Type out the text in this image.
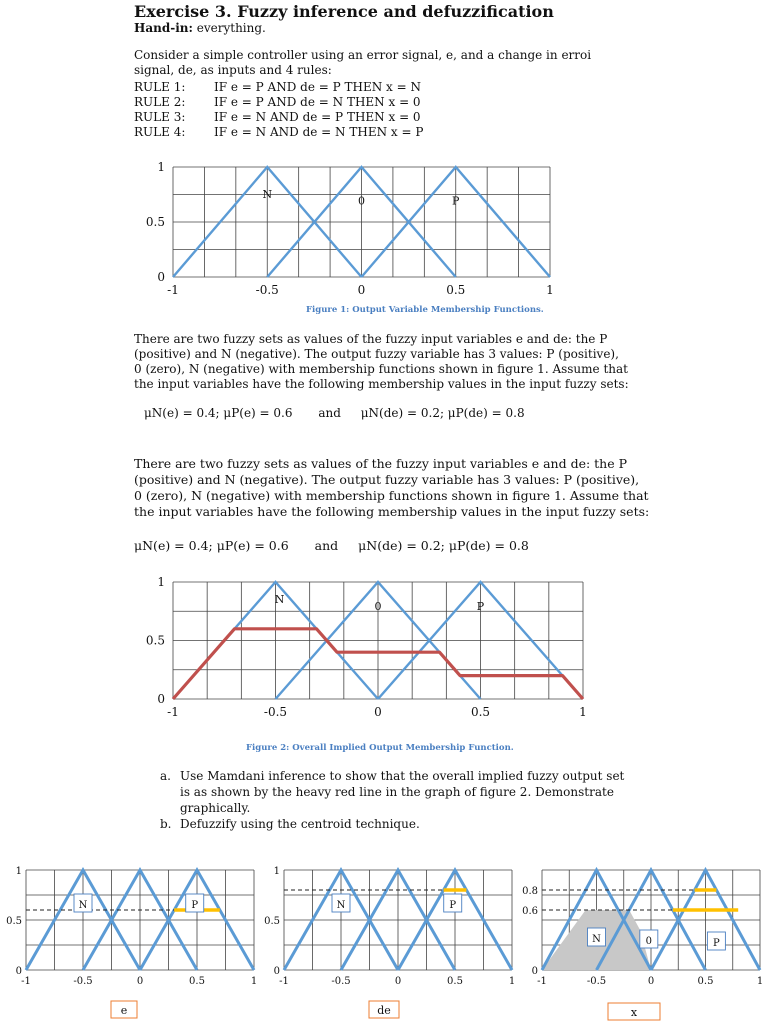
Exercise 3. Fuzzy inference and defuzzification
Hand-in: everything.
Consider a simple controller using an error signal, e, and a change in erroi
signal, de, as inputs and 4 rules:
RULE 1: IF e = P AND de = P THEN x = N
RULE 2: IF e = P AND de = N THEN x = 0
RULE 3: IF e = N AND de = P THEN x = 0
RULE 4: IF e = N AND de = N THEN x = P
N
0	P
1
0.5
0
-1	-0.5	0	0.5	1
Figure 1: Output Variable Membership Functions.
There are two fuzzy sets as values of the fuzzy input variables e and de: the P
(positive) and N (negative). The output fuzzy variable has 3 values: P (positive),
0 (zero), N (negative) with membership functions shown in figure 1. Assume that
the input variables have the following membership values in the input fuzzy sets:
μN(e) = 0.4; μP(e) = 0.6 and μN(de) = 0.2; μP(de) = 0.8
There are two fuzzy sets as values of the fuzzy input variables e and de: the P
(positive) and N (negative). The output fuzzy variable has 3 values: P (positive),
0 (zero), N (negative) with membership functions shown in figure 1. Assume that
the input variables have the following membership values in the input fuzzy sets:
μN(e) = 0.4; μP(e) = 0.6 and μN(de) = 0.2; μP(de) = 0.8
N
0	P
1
0.5
0
-1	-0.5	0	0.5	1
Figure 2: Overall Implied Output Membership Function.
a. Use Mamdani inference to show that the overall implied fuzzy output set
is as shown by the heavy red line in the graph of figure 2. Demonstrate
graphically.
b. Defuzzify using the centroid technique.
N	P
1
0.5
0
-1	-0.5	0	0.5	1
e
N	P
1
0.5
0
-1	-0.5	0	0.5	1
de
N	0	P
0
-1	-0.5	0	0.5	1
0.8
0.6
x
